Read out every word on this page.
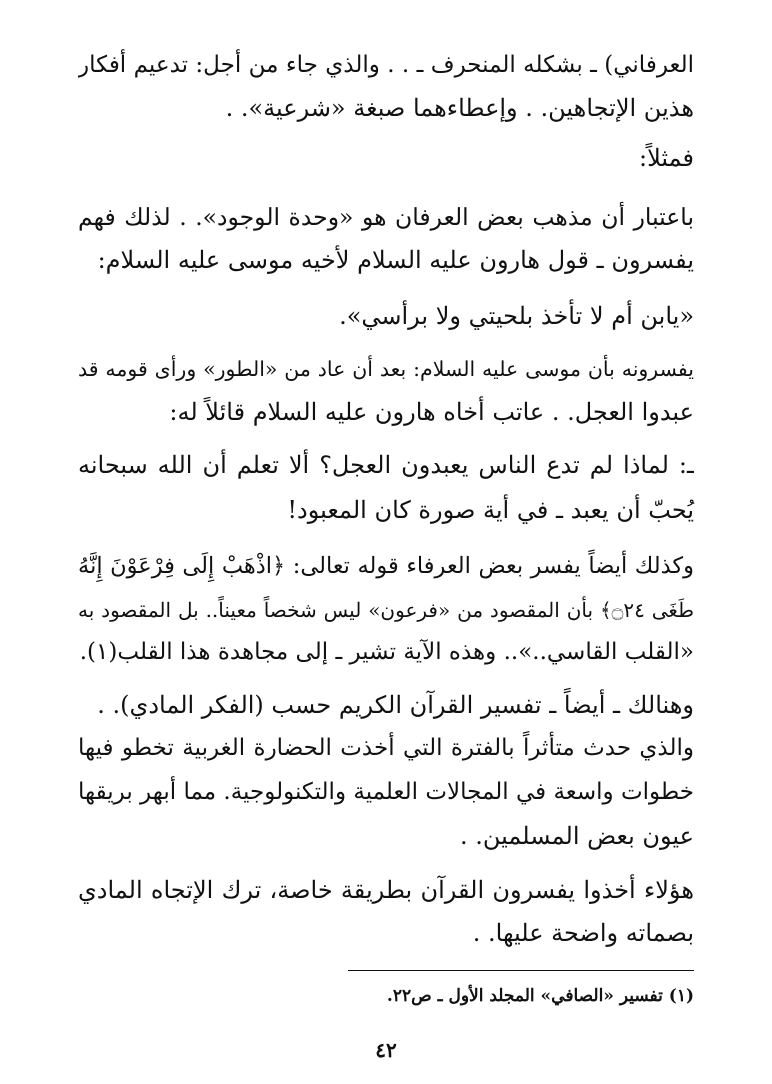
العرفاني) ـ بشكله المنحرف ـ . . والذي جاء من أجل: تدعيم أفكار
هذين الإتجاهين. . وإعطاءهما صبغة «شرعية». .
فمثلاً:
باعتبار أن مذهب بعض العرفان هو «وحدة الوجود». . لذلك فهم
يفسرون ـ قول هارون عليه السلام لأخيه موسى عليه السلام:
«يابن أم لا تأخذ بلحيتي ولا برأسي».
يفسرونه بأن موسى عليه السلام: بعد أن عاد من «الطور» ورأى قومه قد
عبدوا العجل. . عاتب أخاه هارون عليه السلام قائلاً له:
ـ: لماذا لم تدع الناس يعبدون العجل؟ ألا تعلم أن الله سبحانه
يُحبّ أن يعبد ـ في أية صورة كان المعبود!
وكذلك أيضاً يفسر بعض العرفاء قوله تعالى: ﴿اذْهَبْ إِلَى فِرْعَوْنَ إِنَّهُ
طَغَى ۝٢٤﴾ بأن المقصود من «فرعون» ليس شخصاً معيناً.. بل المقصود به
«القلب القاسي..».. وهذه الآية تشير ـ إلى مجاهدة هذا القلب(١).
وهنالك ـ أيضاً ـ تفسير القرآن الكريم حسب (الفكر المادي). .
والذي حدث متأثراً بالفترة التي أخذت الحضارة الغربية تخطو فيها
خطوات واسعة في المجالات العلمية والتكنولوجية. مما أبهر بريقها
عيون بعض المسلمين. .
هؤلاء أخذوا يفسرون القرآن بطريقة خاصة، ترك الإتجاه المادي
بصماته واضحة عليها. .
(١) تفسير «الصافي» المجلد الأول ـ ص٢٢.
٤٢
